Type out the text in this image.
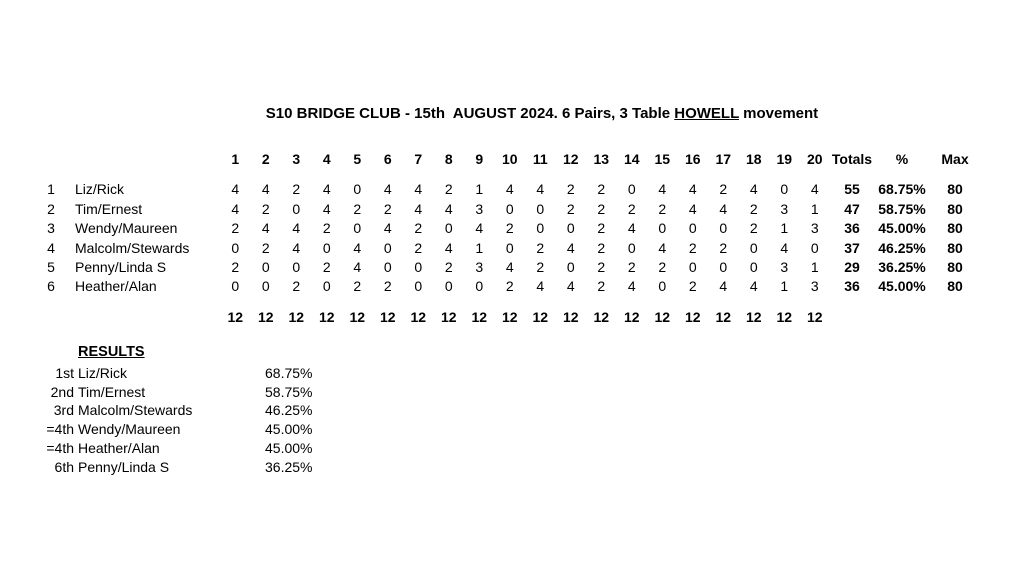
S10 BRIDGE CLUB - 15th  AUGUST 2024. 6 Pairs, 3 Table HOWELL movement
		1	2	3	4	5	6	7	8	9	10	11	12	13	14	15	16	17	18	19	20	Totals	%	Max

1	Liz/Rick	4	4	2	4	0	4	4	2	1	4	4	2	2	0	4	4	2	4	0	4	55	68.75%	80
2	Tim/Ernest	4	2	0	4	2	2	4	4	3	0	0	2	2	2	2	4	4	2	3	1	47	58.75%	80
3	Wendy/Maureen	2	4	4	2	0	4	2	0	4	2	0	0	2	4	0	0	0	2	1	3	36	45.00%	80
4	Malcolm/Stewards	0	2	4	0	4	0	2	4	1	0	2	4	2	0	4	2	2	0	4	0	37	46.25%	80
5	Penny/Linda S	2	0	0	2	4	0	0	2	3	4	2	0	2	2	2	0	0	0	3	1	29	36.25%	80
6	Heather/Alan	0	0	2	0	2	2	0	0	0	2	4	4	2	4	0	2	4	4	1	3	36	45.00%	80

		12	12	12	12	12	12	12	12	12	12	12	12	12	12	12	12	12	12	12	12			
RESULTS
1st	Liz/Rick	68.75%
2nd	Tim/Ernest	58.75%
3rd	Malcolm/Stewards	46.25%
=4th	Wendy/Maureen	45.00%
=4th	Heather/Alan	45.00%
6th	Penny/Linda S	36.25%
